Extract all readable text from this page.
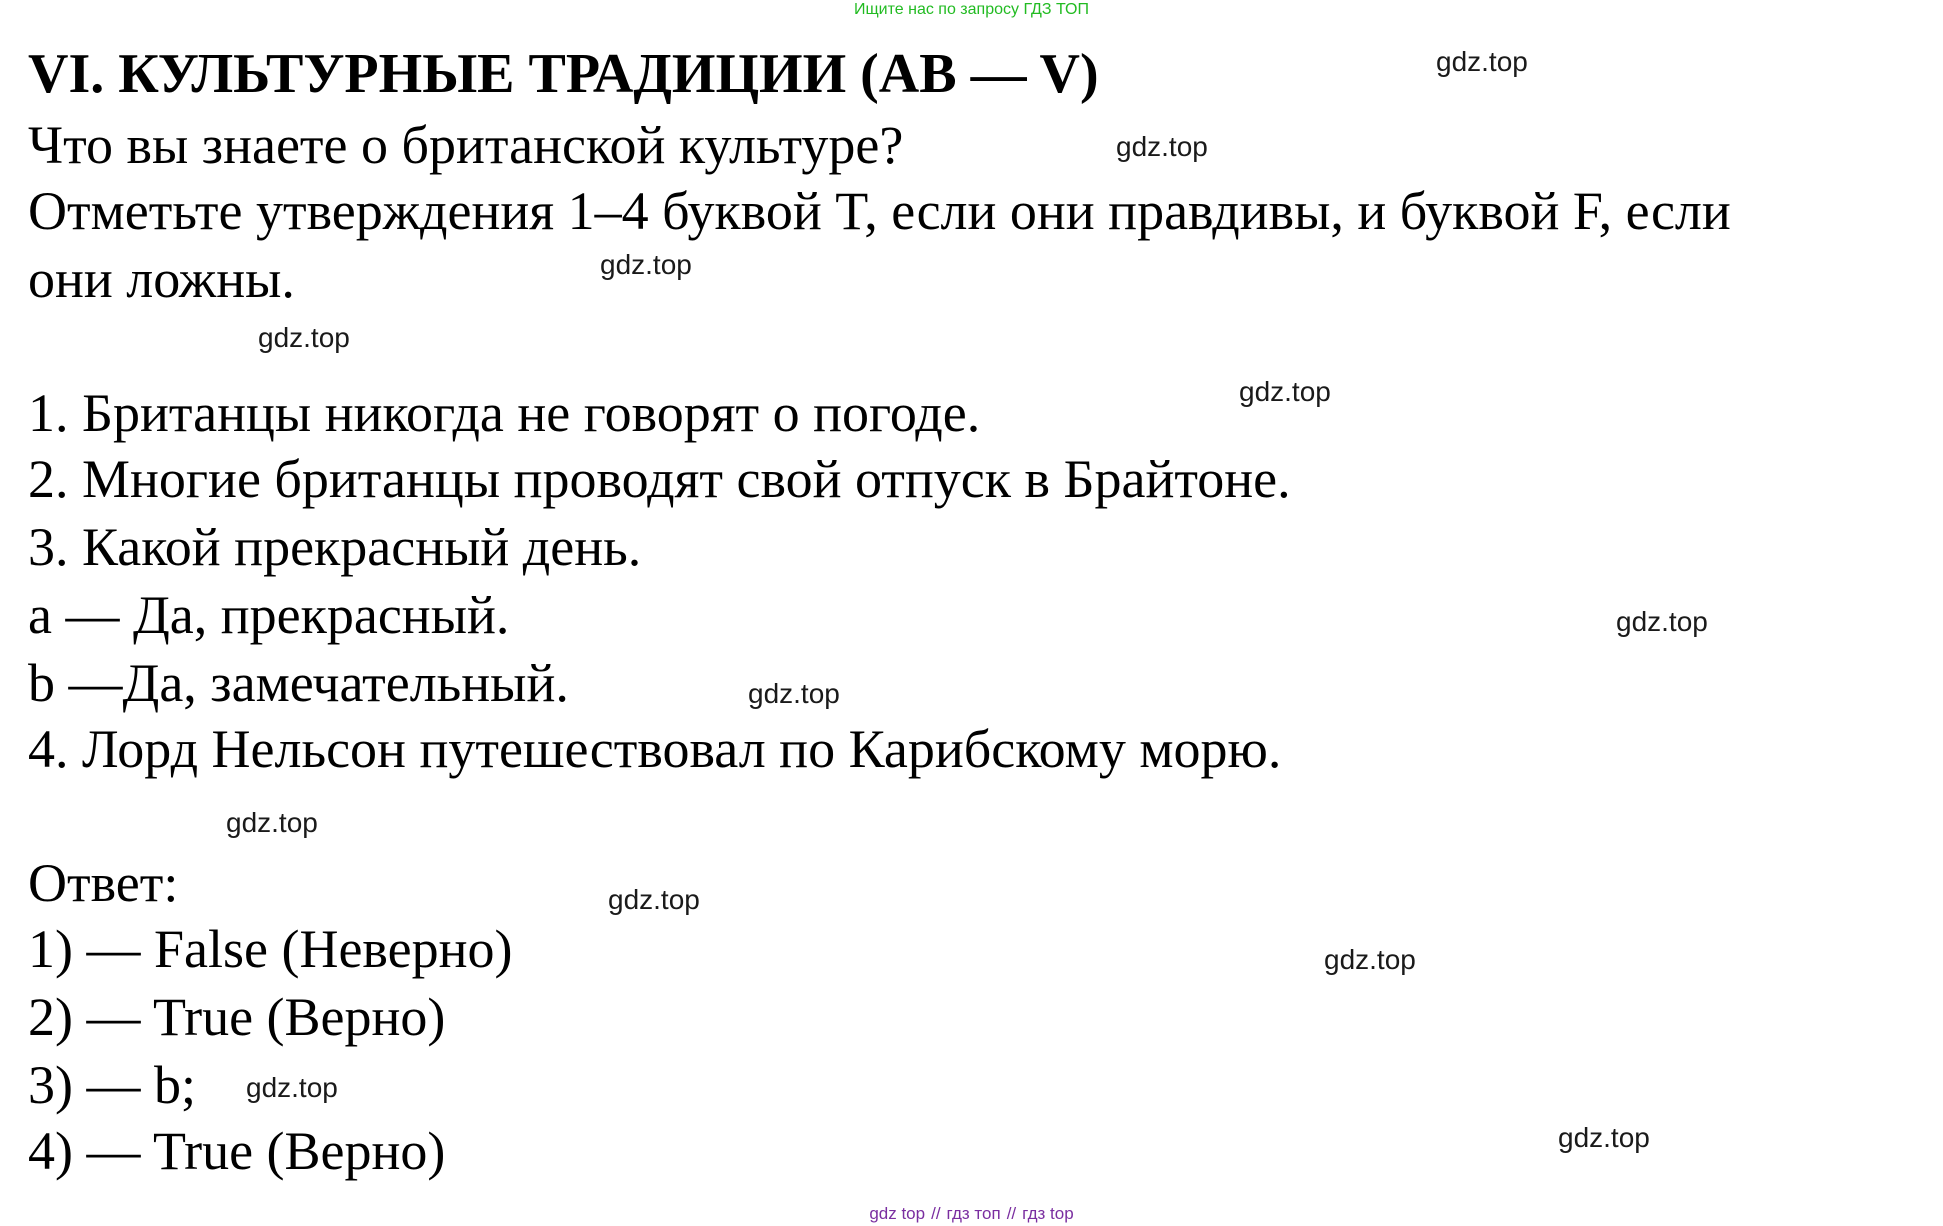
Ищите нас по запросу ГДЗ ТОП
VI. КУЛЬТУРНЫЕ ТРАДИЦИИ (AB — V)
Что вы знаете о британской культуре?
Отметьте утверждения 1–4 буквой T, если они правдивы, и буквой F, если
они ложны.
1. Британцы никогда не говорят о погоде.
2. Многие британцы проводят свой отпуск в Брайтоне.
3. Какой прекрасный день.
a — Да, прекрасный.
b —Да, замечательный.
4. Лорд Нельсон путешествовал по Карибскому морю.
Ответ:
1) — False (Неверно)
2) — True (Верно)
3) — b;
4) — True (Верно)
gdz.top
gdz.top
gdz.top
gdz.top
gdz.top
gdz.top
gdz.top
gdz.top
gdz.top
gdz.top
gdz.top
gdz.top
gdz top // гдз топ // гдз top
